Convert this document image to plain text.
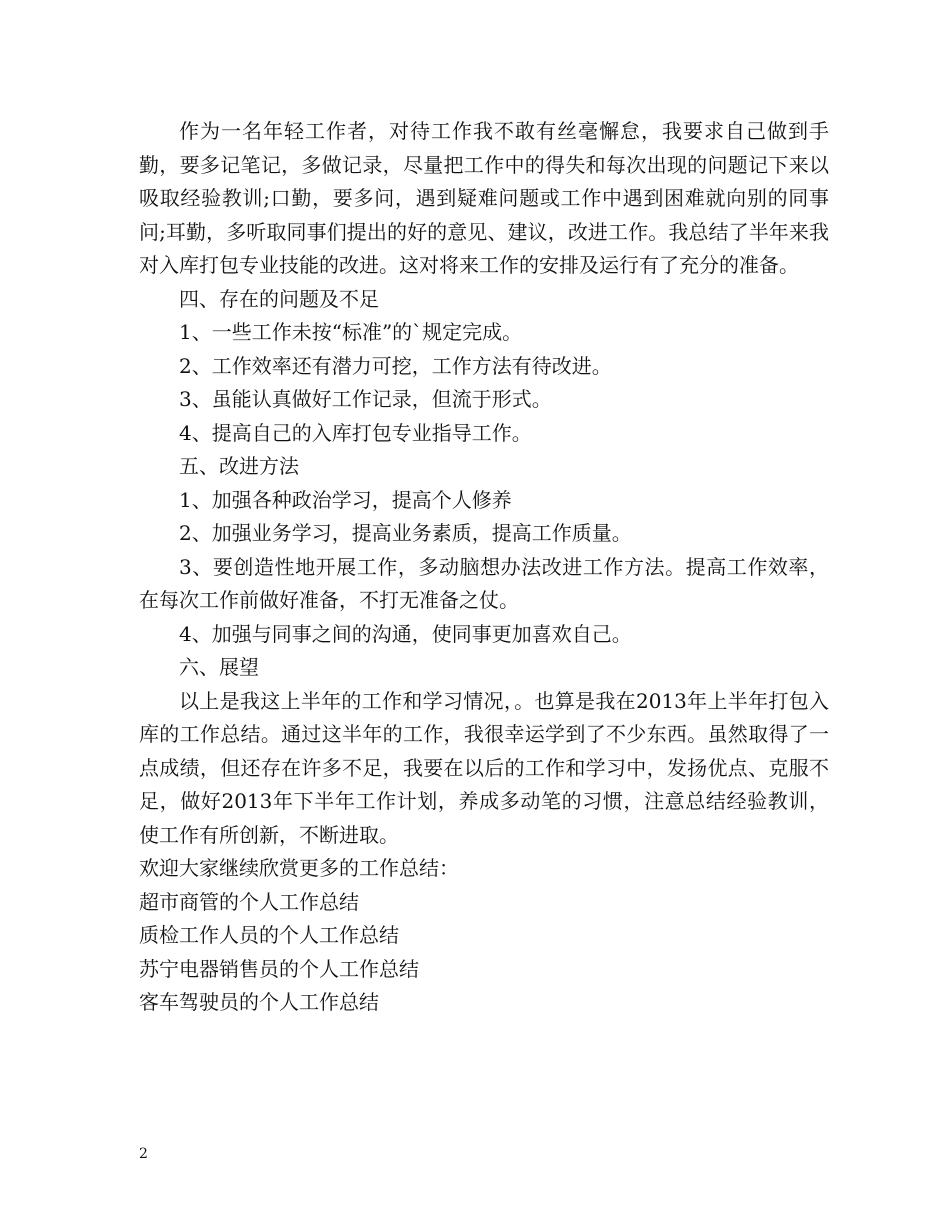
作为一名年轻工作者，对待工作我不敢有丝毫懈怠，我要求自己做到手勤，要多记笔记，多做记录，尽量把工作中的得失和每次出现的问题记下来以吸取经验教训;口勤，要多问，遇到疑难问题或工作中遇到困难就向别的同事问;耳勤，多听取同事们提出的好的意见、建议，改进工作。我总结了半年来我对入库打包专业技能的改进。这对将来工作的安排及运行有了充分的准备。

四、存在的问题及不足

1、一些工作未按“标准”的`规定完成。

2、工作效率还有潜力可挖，工作方法有待改进。

3、虽能认真做好工作记录，但流于形式。

4、提高自己的入库打包专业指导工作。

五、改进方法

1、加强各种政治学习，提高个人修养

2、加强业务学习，提高业务素质，提高工作质量。

3、要创造性地开展工作，多动脑想办法改进工作方法。提高工作效率，在每次工作前做好准备，不打无准备之仗。

4、加强与同事之间的沟通，使同事更加喜欢自己。

六、展望

以上是我这上半年的工作和学习情况，。也算是我在2013年上半年打包入库的工作总结。通过这半年的工作，我很幸运学到了不少东西。虽然取得了一点成绩，但还存在许多不足，我要在以后的工作和学习中，发扬优点、克服不足，做好2013年下半年工作计划，养成多动笔的习惯，注意总结经验教训，使工作有所创新，不断进取。

欢迎大家继续欣赏更多的工作总结：

超市商管的个人工作总结

质检工作人员的个人工作总结

苏宁电器销售员的个人工作总结

客车驾驶员的个人工作总结

2
